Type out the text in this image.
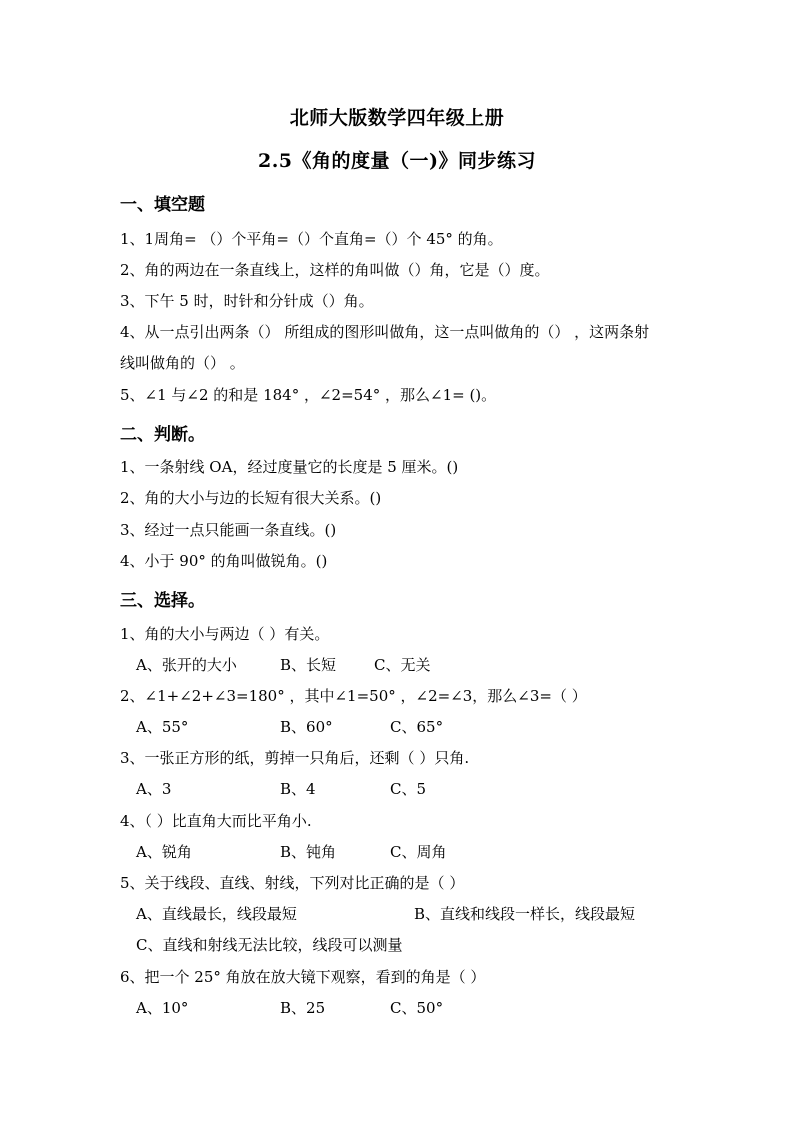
北师大版数学四年级上册
2.5《角的度量（一)》同步练习
一、填空题
1、1周角= （）个平角=（）个直角=（）个 45° 的角。
2、角的两边在一条直线上，这样的角叫做（）角，它是（）度。
3、下午 5 时，时针和分针成（）角。
4、从一点引出两条（） 所组成的图形叫做角，这一点叫做角的（） ，这两条射
线叫做角的（） 。
5、∠1 与∠2 的和是 184° ，∠2=54° ，那么∠1= ()。
二、判断。
1、一条射线 OA，经过度量它的长度是 5 厘米。()
2、角的大小与边的长短有很大关系。()
3、经过一点只能画一条直线。()
4、小于 90° 的角叫做锐角。()
三、选择。
1、角的大小与两边（ ）有关。
A、张开的大小	B、长短	C、无关
2、∠1+∠2+∠3=180° ，其中∠1=50° ，∠2=∠3，那么∠3=（ ）
A、55°	B、60°	C、65°
3、一张正方形的纸，剪掉一只角后，还剩（ ）只角.
A、3	B、4	C、5
4、（ ）比直角大而比平角小.
A、锐角	B、钝角	C、周角
5、关于线段、直线、射线，下列对比正确的是（ ）
A、直线最长，线段最短	B、直线和线段一样长，线段最短
C、直线和射线无法比较，线段可以测量
6、把一个 25° 角放在放大镜下观察，看到的角是（ ）
A、10°	B、25	C、50°
